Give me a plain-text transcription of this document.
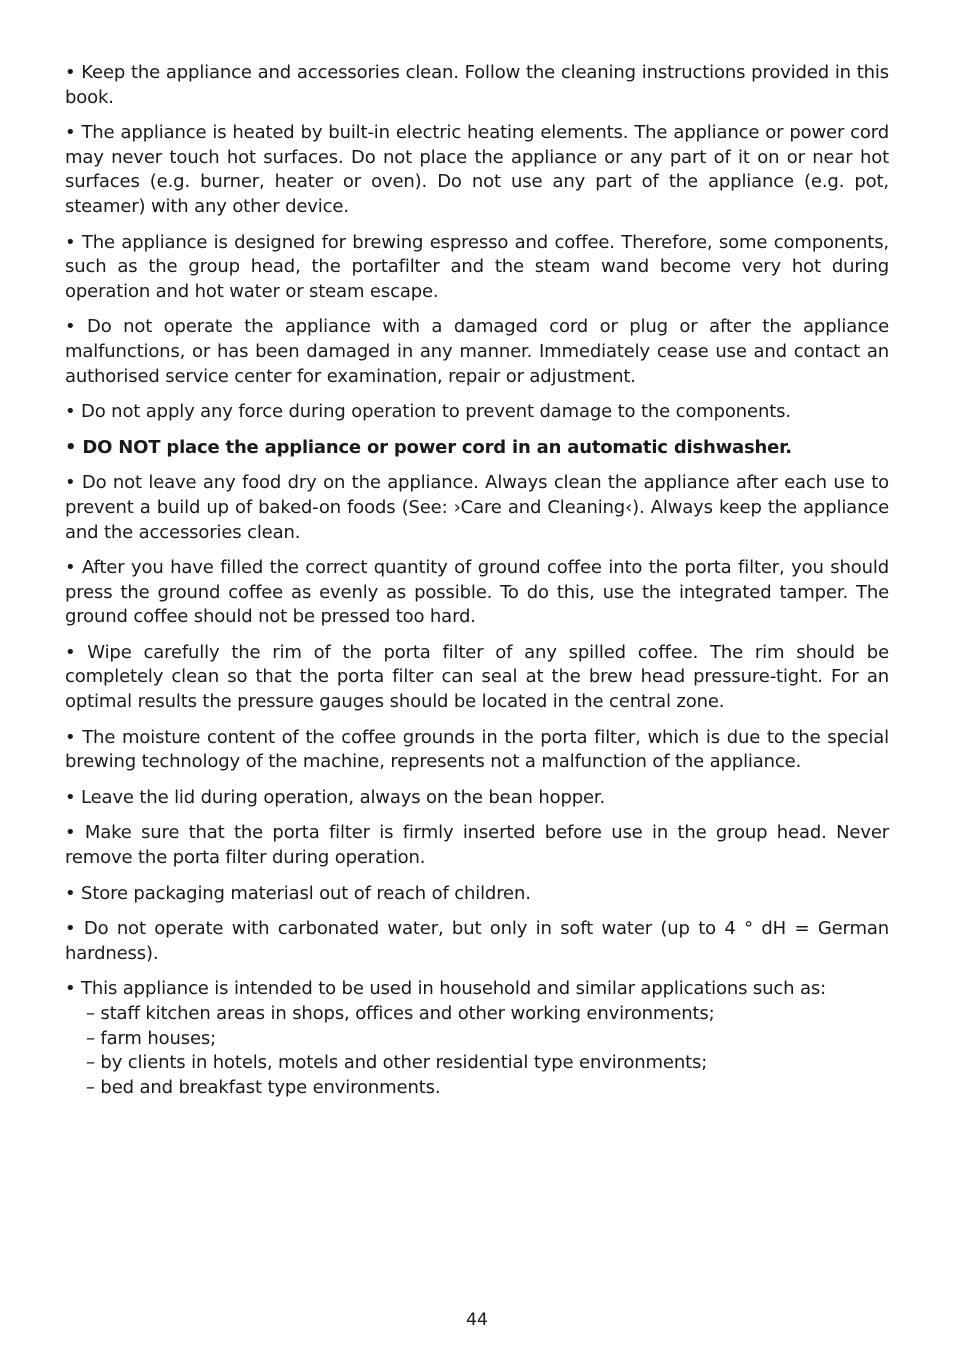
• Keep the appliance and accessories clean. Follow the cleaning instructions provided in this book.

• The appliance is heated by built-in electric heating elements. The appliance or power cord may never touch hot surfaces. Do not place the appliance or any part of it on or near hot surfaces (e.g. burner, heater or oven). Do not use any part of the appliance (e.g. pot, steamer) with any other device.

• The appliance is designed for brewing espresso and coffee. Therefore, some components, such as the group head, the portafilter and the steam wand become very hot during operation and hot water or steam escape.

• Do not operate the appliance with a damaged cord or plug or after the appliance malfunctions, or has been damaged in any manner. Immediately cease use and contact an authorised service center for examination, repair or adjustment.

• Do not apply any force during operation to prevent damage to the components.

• DO NOT place the appliance or power cord in an automatic dishwasher.

• Do not leave any food dry on the appliance. Always clean the appliance after each use to prevent a build up of baked-on foods (See: ›Care and Cleaning‹). Always keep the appliance and the accessories clean.

• After you have filled the correct quantity of ground coffee into the porta filter, you should press the ground coffee as evenly as possible. To do this, use the integrated tamper. The ground coffee should not be pressed too hard.

• Wipe carefully the rim of the porta filter of any spilled coffee. The rim should be completely clean so that the porta filter can seal at the brew head pressure-tight. For an optimal results the pressure gauges should be located in the central zone.

• The moisture content of the coffee grounds in the porta filter, which is due to the special brewing technology of the machine, represents not a malfunction of the appliance.

• Leave the lid during operation, always on the bean hopper.

• Make sure that the porta filter is firmly inserted before use in the group head. Never remove the porta filter during operation.

• Store packaging materiasl out of reach of children.

• Do not operate with carbonated water, but only in soft water (up to 4 ° dH = German hardness).

• This appliance is intended to be used in household and similar applications such as:

– staff kitchen areas in shops, offices and other working environments;
– farm houses;
– by clients in hotels, motels and other residential type environments;
– bed and breakfast type environments.
44
